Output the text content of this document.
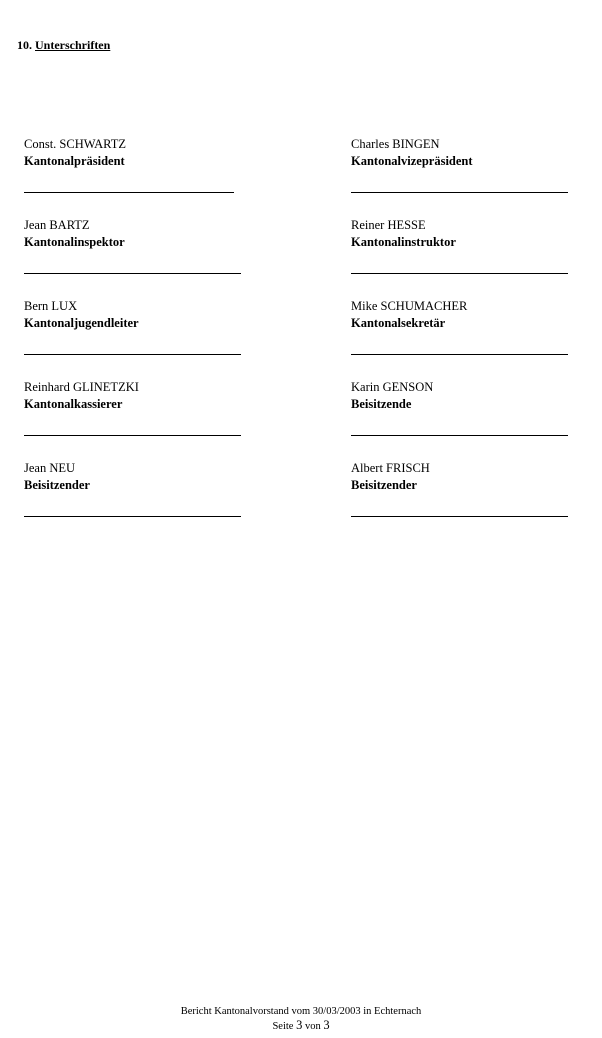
10. Unterschriften
Const. SCHWARTZ
Kantonalpräsident
Charles BINGEN
Kantonalvizepräsident
Jean BARTZ
Kantonalinspektor
Reiner HESSE
Kantonalinstruktor
Bern LUX
Kantonaljugendleiter
Mike SCHUMACHER
Kantonalsekretär
Reinhard GLINETZKI
Kantonalkassierer
Karin GENSON
Beisitzende
Jean NEU
Beisitzender
Albert FRISCH
Beisitzender
Bericht Kantonalvorstand vom 30/03/2003 in Echternach
Seite 3 von 3
